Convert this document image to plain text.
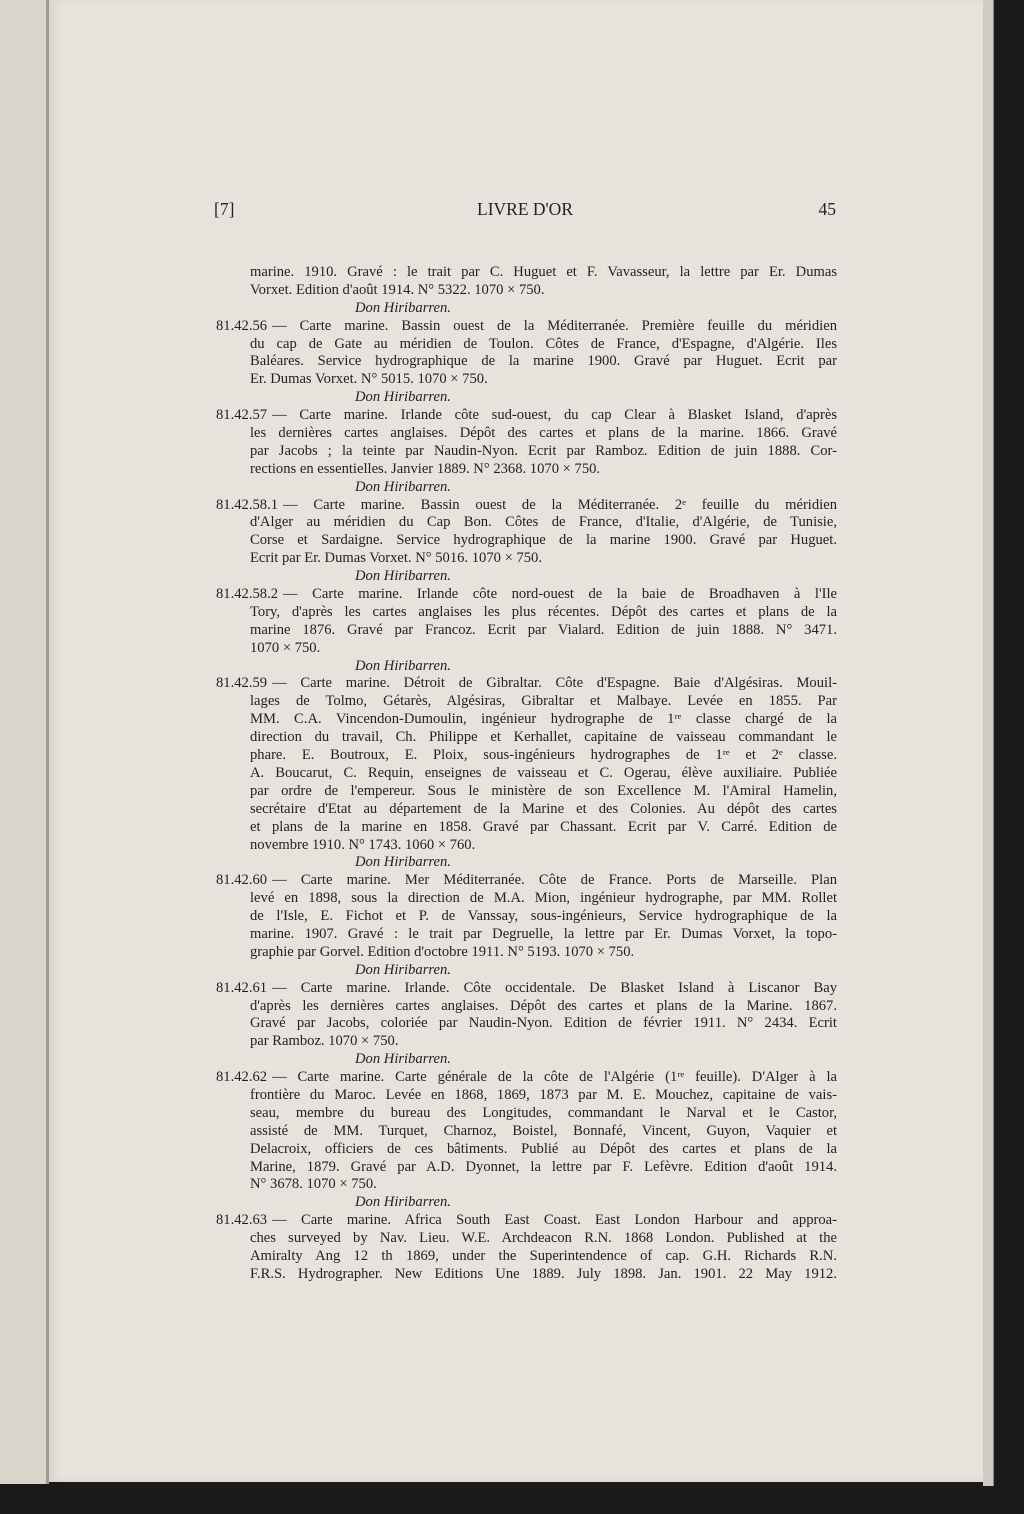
[7]	LIVRE D'OR	45
marine. 1910. Gravé : le trait par C. Huguet et F. Vavasseur, la lettre par Er. Dumas
Vorxet. Edition d'août 1914. N° 5322. 1070 × 750.
Don Hiribarren.
81.42.56 — Carte marine. Bassin ouest de la Méditerranée. Première feuille du méridien
du cap de Gate au méridien de Toulon. Côtes de France, d'Espagne, d'Algérie. Iles
Baléares. Service hydrographique de la marine 1900. Gravé par Huguet. Ecrit par
Er. Dumas Vorxet. N° 5015. 1070 × 750.
Don Hiribarren.
81.42.57 — Carte marine. Irlande côte sud-ouest, du cap Clear à Blasket Island, d'après
les dernières cartes anglaises. Dépôt des cartes et plans de la marine. 1866. Gravé
par Jacobs ; la teinte par Naudin-Nyon. Ecrit par Ramboz. Edition de juin 1888. Cor-
rections en essentielles. Janvier 1889. N° 2368. 1070 × 750.
Don Hiribarren.
81.42.58.1 — Carte marine. Bassin ouest de la Méditerranée. 2ᵉ feuille du méridien
d'Alger au méridien du Cap Bon. Côtes de France, d'Italie, d'Algérie, de Tunisie,
Corse et Sardaigne. Service hydrographique de la marine 1900. Gravé par Huguet.
Ecrit par Er. Dumas Vorxet. N° 5016. 1070 × 750.
Don Hiribarren.
81.42.58.2 — Carte marine. Irlande côte nord-ouest de la baie de Broadhaven à l'Ile
Tory, d'après les cartes anglaises les plus récentes. Dépôt des cartes et plans de la
marine 1876. Gravé par Francoz. Ecrit par Vialard. Edition de juin 1888. N° 3471.
1070 × 750.
Don Hiribarren.
81.42.59 — Carte marine. Détroit de Gibraltar. Côte d'Espagne. Baie d'Algésiras. Mouil-
lages de Tolmo, Gétarès, Algésiras, Gibraltar et Malbaye. Levée en 1855. Par
MM. C.A. Vincendon-Dumoulin, ingénieur hydrographe de 1ʳᵉ classe chargé de la
direction du travail, Ch. Philippe et Kerhallet, capitaine de vaisseau commandant le
phare. E. Boutroux, E. Ploix, sous-ingénieurs hydrographes de 1ʳᵉ et 2ᵉ classe.
A. Boucarut, C. Requin, enseignes de vaisseau et C. Ogerau, élève auxiliaire. Publiée
par ordre de l'empereur. Sous le ministère de son Excellence M. l'Amiral Hamelin,
secrétaire d'Etat au département de la Marine et des Colonies. Au dépôt des cartes
et plans de la marine en 1858. Gravé par Chassant. Ecrit par V. Carré. Edition de
novembre 1910. N° 1743. 1060 × 760.
Don Hiribarren.
81.42.60 — Carte marine. Mer Méditerranée. Côte de France. Ports de Marseille. Plan
levé en 1898, sous la direction de M.A. Mion, ingénieur hydrographe, par MM. Rollet
de l'Isle, E. Fichot et P. de Vanssay, sous-ingénieurs, Service hydrographique de la
marine. 1907. Gravé : le trait par Degruelle, la lettre par Er. Dumas Vorxet, la topo-
graphie par Gorvel. Edition d'octobre 1911. N° 5193. 1070 × 750.
Don Hiribarren.
81.42.61 — Carte marine. Irlande. Côte occidentale. De Blasket Island à Liscanor Bay
d'après les dernières cartes anglaises. Dépôt des cartes et plans de la Marine. 1867.
Gravé par Jacobs, coloriée par Naudin-Nyon. Edition de février 1911. N° 2434. Ecrit
par Ramboz. 1070 × 750.
Don Hiribarren.
81.42.62 — Carte marine. Carte générale de la côte de l'Algérie (1ʳᵉ feuille). D'Alger à la
frontière du Maroc. Levée en 1868, 1869, 1873 par M. E. Mouchez, capitaine de vais-
seau, membre du bureau des Longitudes, commandant le Narval et le Castor,
assisté de MM. Turquet, Charnoz, Boistel, Bonnafé, Vincent, Guyon, Vaquier et
Delacroix, officiers de ces bâtiments. Publié au Dépôt des cartes et plans de la
Marine, 1879. Gravé par A.D. Dyonnet, la lettre par F. Lefèvre. Edition d'août 1914.
N° 3678. 1070 × 750.
Don Hiribarren.
81.42.63 — Carte marine. Africa South East Coast. East London Harbour and approa-
ches surveyed by Nav. Lieu. W.E. Archdeacon R.N. 1868 London. Published at the
Amiralty Ang 12 th 1869, under the Superintendence of cap. G.H. Richards R.N.
F.R.S. Hydrographer. New Editions Une 1889. July 1898. Jan. 1901. 22 May 1912.
